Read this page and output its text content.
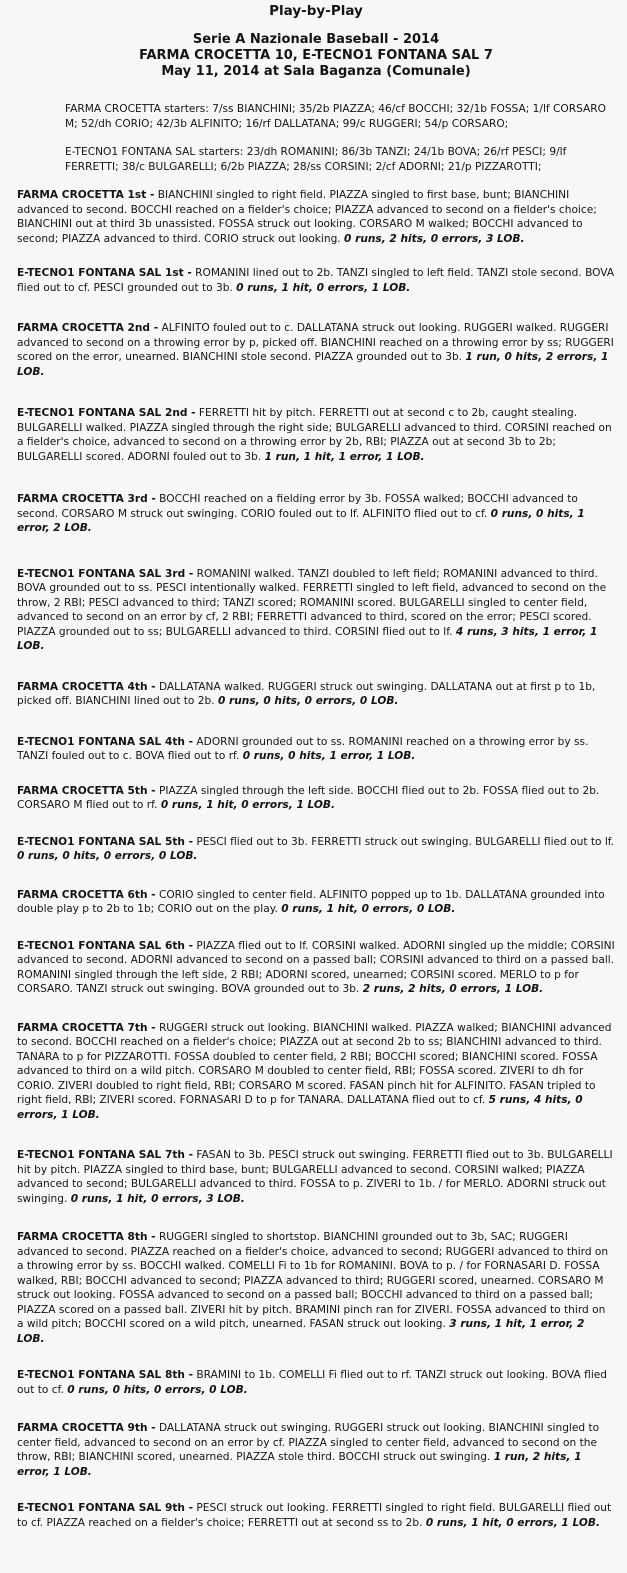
Play-by-Play
Serie A Nazionale Baseball - 2014
FARMA CROCETTA 10, E-TECNO1 FONTANA SAL 7
May 11, 2014 at Sala Baganza (Comunale)

FARMA CROCETTA starters: 7/ss BIANCHINI; 35/2b PIAZZA; 46/cf BOCCHI; 32/1b FOSSA; 1/lf CORSARO M; 52/dh CORIO; 42/3b ALFINITO; 16/rf DALLATANA; 99/c RUGGERI; 54/p CORSARO;

E-TECNO1 FONTANA SAL starters: 23/dh ROMANINI; 86/3b TANZI; 24/1b BOVA; 26/rf PESCI; 9/lf FERRETTI; 38/c BULGARELLI; 6/2b PIAZZA; 28/ss CORSINI; 2/cf ADORNI; 21/p PIZZAROTTI;

FARMA CROCETTA 1st - BIANCHINI singled to right field. PIAZZA singled to first base, bunt; BIANCHINI advanced to second. BOCCHI reached on a fielder's choice; PIAZZA advanced to second on a fielder's choice; BIANCHINI out at third 3b unassisted. FOSSA struck out looking. CORSARO M walked; BOCCHI advanced to second; PIAZZA advanced to third. CORIO struck out looking. 0 runs, 2 hits, 0 errors, 3 LOB.

E-TECNO1 FONTANA SAL 1st - ROMANINI lined out to 2b. TANZI singled to left field. TANZI stole second. BOVA flied out to cf. PESCI grounded out to 3b. 0 runs, 1 hit, 0 errors, 1 LOB.

FARMA CROCETTA 2nd - ALFINITO fouled out to c. DALLATANA struck out looking. RUGGERI walked. RUGGERI advanced to second on a throwing error by p, picked off. BIANCHINI reached on a throwing error by ss; RUGGERI scored on the error, unearned. BIANCHINI stole second. PIAZZA grounded out to 3b. 1 run, 0 hits, 2 errors, 1 LOB.

E-TECNO1 FONTANA SAL 2nd - FERRETTI hit by pitch. FERRETTI out at second c to 2b, caught stealing. BULGARELLI walked. PIAZZA singled through the right side; BULGARELLI advanced to third. CORSINI reached on a fielder's choice, advanced to second on a throwing error by 2b, RBI; PIAZZA out at second 3b to 2b; BULGARELLI scored. ADORNI fouled out to 3b. 1 run, 1 hit, 1 error, 1 LOB.

FARMA CROCETTA 3rd - BOCCHI reached on a fielding error by 3b. FOSSA walked; BOCCHI advanced to second. CORSARO M struck out swinging. CORIO fouled out to lf. ALFINITO flied out to cf. 0 runs, 0 hits, 1 error, 2 LOB.

E-TECNO1 FONTANA SAL 3rd - ROMANINI walked. TANZI doubled to left field; ROMANINI advanced to third. BOVA grounded out to ss. PESCI intentionally walked. FERRETTI singled to left field, advanced to second on the throw, 2 RBI; PESCI advanced to third; TANZI scored; ROMANINI scored. BULGARELLI singled to center field, advanced to second on an error by cf, 2 RBI; FERRETTI advanced to third, scored on the error; PESCI scored. PIAZZA grounded out to ss; BULGARELLI advanced to third. CORSINI flied out to lf. 4 runs, 3 hits, 1 error, 1 LOB.

FARMA CROCETTA 4th - DALLATANA walked. RUGGERI struck out swinging. DALLATANA out at first p to 1b, picked off. BIANCHINI lined out to 2b. 0 runs, 0 hits, 0 errors, 0 LOB.

E-TECNO1 FONTANA SAL 4th - ADORNI grounded out to ss. ROMANINI reached on a throwing error by ss. TANZI fouled out to c. BOVA flied out to rf. 0 runs, 0 hits, 1 error, 1 LOB.

FARMA CROCETTA 5th - PIAZZA singled through the left side. BOCCHI flied out to 2b. FOSSA flied out to 2b. CORSARO M flied out to rf. 0 runs, 1 hit, 0 errors, 1 LOB.

E-TECNO1 FONTANA SAL 5th - PESCI flied out to 3b. FERRETTI struck out swinging. BULGARELLI flied out to lf. 0 runs, 0 hits, 0 errors, 0 LOB.

FARMA CROCETTA 6th - CORIO singled to center field. ALFINITO popped up to 1b. DALLATANA grounded into double play p to 2b to 1b; CORIO out on the play. 0 runs, 1 hit, 0 errors, 0 LOB.

E-TECNO1 FONTANA SAL 6th - PIAZZA flied out to lf. CORSINI walked. ADORNI singled up the middle; CORSINI advanced to second. ADORNI advanced to second on a passed ball; CORSINI advanced to third on a passed ball. ROMANINI singled through the left side, 2 RBI; ADORNI scored, unearned; CORSINI scored. MERLO to p for CORSARO. TANZI struck out swinging. BOVA grounded out to 3b. 2 runs, 2 hits, 0 errors, 1 LOB.

FARMA CROCETTA 7th - RUGGERI struck out looking. BIANCHINI walked. PIAZZA walked; BIANCHINI advanced to second. BOCCHI reached on a fielder's choice; PIAZZA out at second 2b to ss; BIANCHINI advanced to third. TANARA to p for PIZZAROTTI. FOSSA doubled to center field, 2 RBI; BOCCHI scored; BIANCHINI scored. FOSSA advanced to third on a wild pitch. CORSARO M doubled to center field, RBI; FOSSA scored. ZIVERI to dh for CORIO. ZIVERI doubled to right field, RBI; CORSARO M scored. FASAN pinch hit for ALFINITO. FASAN tripled to right field, RBI; ZIVERI scored. FORNASARI D to p for TANARA. DALLATANA flied out to cf. 5 runs, 4 hits, 0 errors, 1 LOB.

E-TECNO1 FONTANA SAL 7th - FASAN to 3b. PESCI struck out swinging. FERRETTI flied out to 3b. BULGARELLI hit by pitch. PIAZZA singled to third base, bunt; BULGARELLI advanced to second. CORSINI walked; PIAZZA advanced to second; BULGARELLI advanced to third. FOSSA to p. ZIVERI to 1b. / for MERLO. ADORNI struck out swinging. 0 runs, 1 hit, 0 errors, 3 LOB.

FARMA CROCETTA 8th - RUGGERI singled to shortstop. BIANCHINI grounded out to 3b, SAC; RUGGERI advanced to second. PIAZZA reached on a fielder's choice, advanced to second; RUGGERI advanced to third on a throwing error by ss. BOCCHI walked. COMELLI Fi to 1b for ROMANINI. BOVA to p. / for FORNASARI D. FOSSA walked, RBI; BOCCHI advanced to second; PIAZZA advanced to third; RUGGERI scored, unearned. CORSARO M struck out looking. FOSSA advanced to second on a passed ball; BOCCHI advanced to third on a passed ball; PIAZZA scored on a passed ball. ZIVERI hit by pitch. BRAMINI pinch ran for ZIVERI. FOSSA advanced to third on a wild pitch; BOCCHI scored on a wild pitch, unearned. FASAN struck out looking. 3 runs, 1 hit, 1 error, 2 LOB.

E-TECNO1 FONTANA SAL 8th - BRAMINI to 1b. COMELLI Fi flied out to rf. TANZI struck out looking. BOVA flied out to cf. 0 runs, 0 hits, 0 errors, 0 LOB.

FARMA CROCETTA 9th - DALLATANA struck out swinging. RUGGERI struck out looking. BIANCHINI singled to center field, advanced to second on an error by cf. PIAZZA singled to center field, advanced to second on the throw, RBI; BIANCHINI scored, unearned. PIAZZA stole third. BOCCHI struck out swinging. 1 run, 2 hits, 1 error, 1 LOB.

E-TECNO1 FONTANA SAL 9th - PESCI struck out looking. FERRETTI singled to right field. BULGARELLI flied out to cf. PIAZZA reached on a fielder's choice; FERRETTI out at second ss to 2b. 0 runs, 1 hit, 0 errors, 1 LOB.
